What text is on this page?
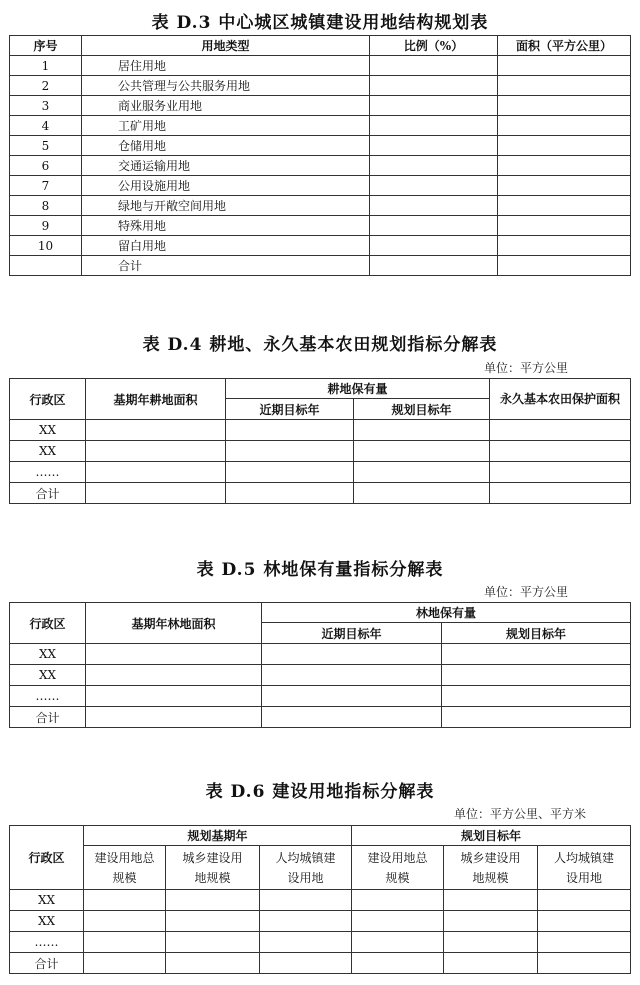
表 D.3 中心城区城镇建设用地结构规划表
序号	用地类型	比例（%）	面积（平方公里）
1	居住用地		
2	公共管理与公共服务用地		
3	商业服务业用地		
4	工矿用地		
5	仓储用地		
6	交通运输用地		
7	公用设施用地		
8	绿地与开敞空间用地		
9	特殊用地		
10	留白用地		
	合计		
表 D.4 耕地、永久基本农田规划指标分解表
单位：平方公里
行政区	基期年耕地面积	耕地保有量		永久基本农田保护面积
		近期目标年	规划目标年	
XX				
XX				
……				
合计				
表 D.5 林地保有量指标分解表
单位：平方公里
行政区	基期年林地面积	林地保有量	
		近期目标年	规划目标年
XX			
XX			
……			
合计			
表 D.6 建设用地指标分解表
单位：平方公里、平方米
行政区	规划基期年			规划目标年		
	建设用地总规模	城乡建设用地规模	人均城镇建设用地	建设用地总规模	城乡建设用地规模	人均城镇建设用地
XX						
XX						
……						
合计						
